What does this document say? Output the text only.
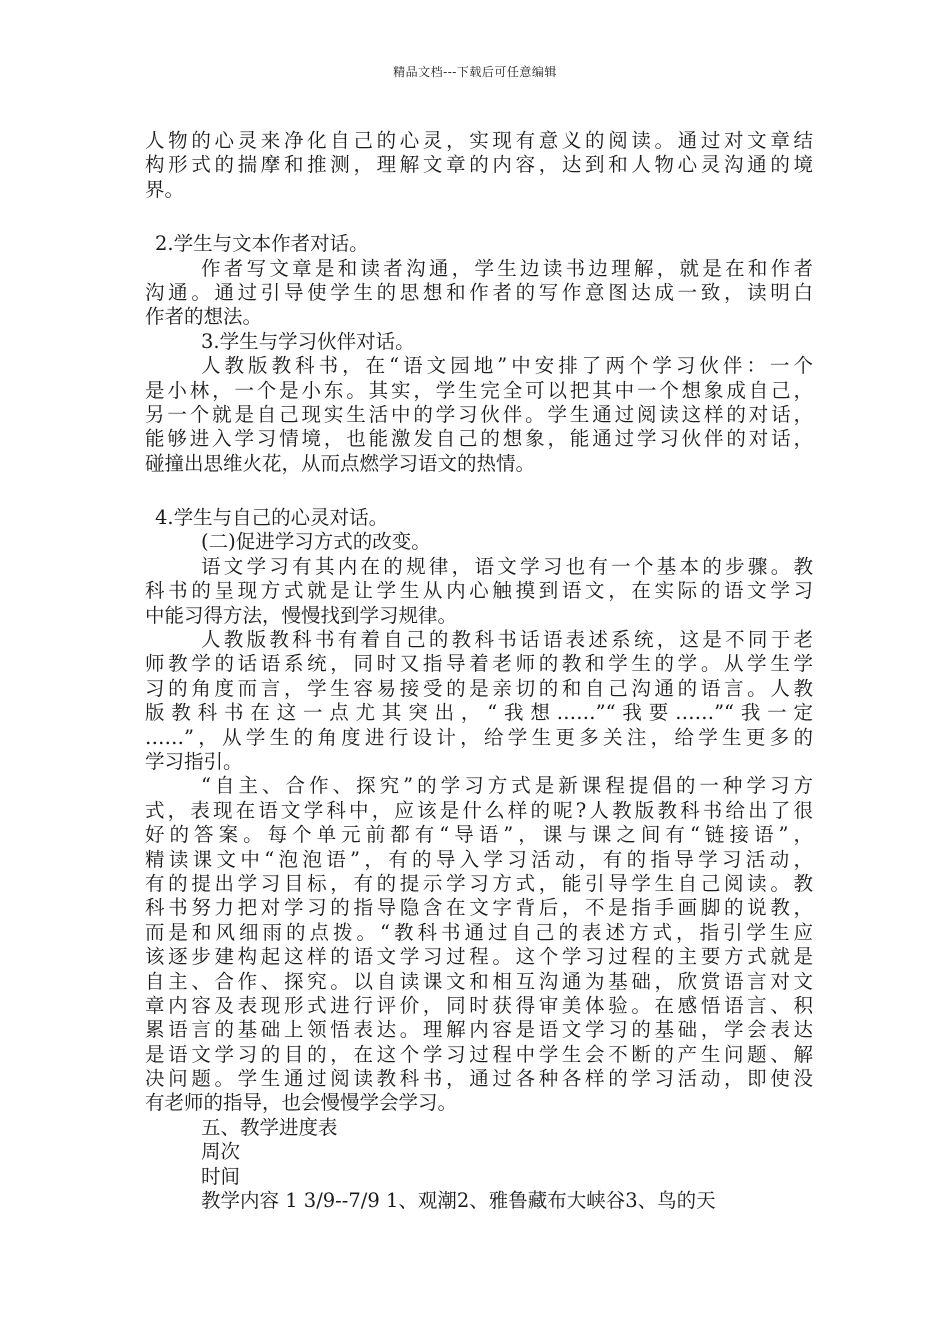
精品文档---下载后可任意编辑
人物的心灵来净化自己的心灵，实现有意义的阅读。通过对文章结
构形式的揣摩和推测，理解文章的内容，达到和人物心灵沟通的境
界。
2.学生与文本作者对话。
作者写文章是和读者沟通，学生边读书边理解，就是在和作者
沟通。通过引导使学生的思想和作者的写作意图达成一致，读明白
作者的想法。
3.学生与学习伙伴对话。
人教版教科书，在“语文园地”中安排了两个学习伙伴：一个
是小林，一个是小东。其实，学生完全可以把其中一个想象成自己，
另一个就是自己现实生活中的学习伙伴。学生通过阅读这样的对话，
能够进入学习情境，也能激发自己的想象，能通过学习伙伴的对话，
碰撞出思维火花，从而点燃学习语文的热情。
4.学生与自己的心灵对话。
(二)促进学习方式的改变。
语文学习有其内在的规律，语文学习也有一个基本的步骤。教
科书的呈现方式就是让学生从内心触摸到语文，在实际的语文学习
中能习得方法，慢慢找到学习规律。
人教版教科书有着自己的教科书话语表述系统，这是不同于老
师教学的话语系统，同时又指导着老师的教和学生的学。从学生学
习的角度而言，学生容易接受的是亲切的和自己沟通的语言。人教
版教科书在这一点尤其突出，“我想……”“我要……”“我一定
……”，从学生的角度进行设计，给学生更多关注，给学生更多的
学习指引。
“自主、合作、探究”的学习方式是新课程提倡的一种学习方
式，表现在语文学科中，应该是什么样的呢?人教版教科书给出了很
好的答案。每个单元前都有“导语”，课与课之间有“链接语”，
精读课文中“泡泡语”，有的导入学习活动，有的指导学习活动，
有的提出学习目标，有的提示学习方式，能引导学生自己阅读。教
科书努力把对学习的指导隐含在文字背后，不是指手画脚的说教，
而是和风细雨的点拨。“教科书通过自己的表述方式，指引学生应
该逐步建构起这样的语文学习过程。这个学习过程的主要方式就是
自主、合作、探究。以自读课文和相互沟通为基础，欣赏语言对文
章内容及表现形式进行评价，同时获得审美体验。在感悟语言、积
累语言的基础上领悟表达。理解内容是语文学习的基础，学会表达
是语文学习的目的，在这个学习过程中学生会不断的产生问题、解
决问题。学生通过阅读教科书，通过各种各样的学习活动，即使没
有老师的指导，也会慢慢学会学习。
五、教学进度表
周次
时间
教学内容 1 3/9--7/9 1、观潮2、雅鲁藏布大峡谷3、鸟的天
